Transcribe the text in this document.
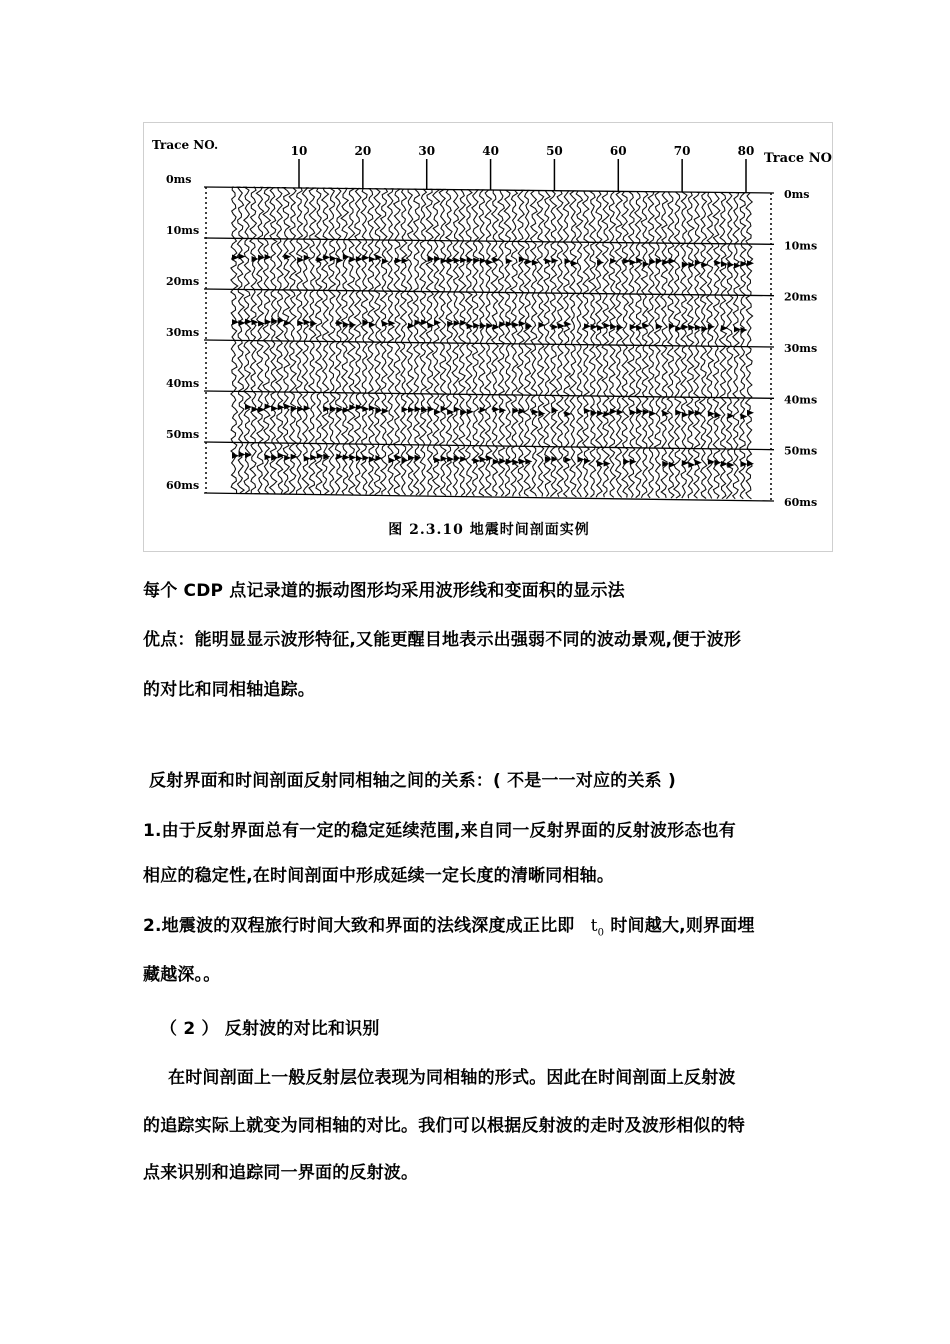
10	20	30	40	50	60	70	80
Trace NO.
Trace NO
0ms
10ms
20ms
30ms
40ms
50ms
60ms
0ms
10ms
20ms
30ms
40ms
50ms
60ms
图 2.3.10 地震时间剖面实例
每个 CDP 点记录道的振动图形均采用波形线和变面积的显示法
优点：能明显显示波形特征,又能更醒目地表示出强弱不同的波动景观,便于波形
的对比和同相轴追踪。
反射界面和时间剖面反射同相轴之间的关系：( 不是一一对应的关系 )
1.由于反射界面总有一定的稳定延续范围,来自同一反射界面的反射波形态也有
相应的稳定性,在时间剖面中形成延续一定长度的清晰同相轴。
2.地震波的双程旅行时间大致和界面的法线深度成正比即 $t_0$ 时间越大,则界面埋
藏越深。。
（ 2 ） 反射波的对比和识别
在时间剖面上一般反射层位表现为同相轴的形式。因此在时间剖面上反射波
的追踪实际上就变为同相轴的对比。我们可以根据反射波的走时及波形相似的特
点来识别和追踪同一界面的反射波。
